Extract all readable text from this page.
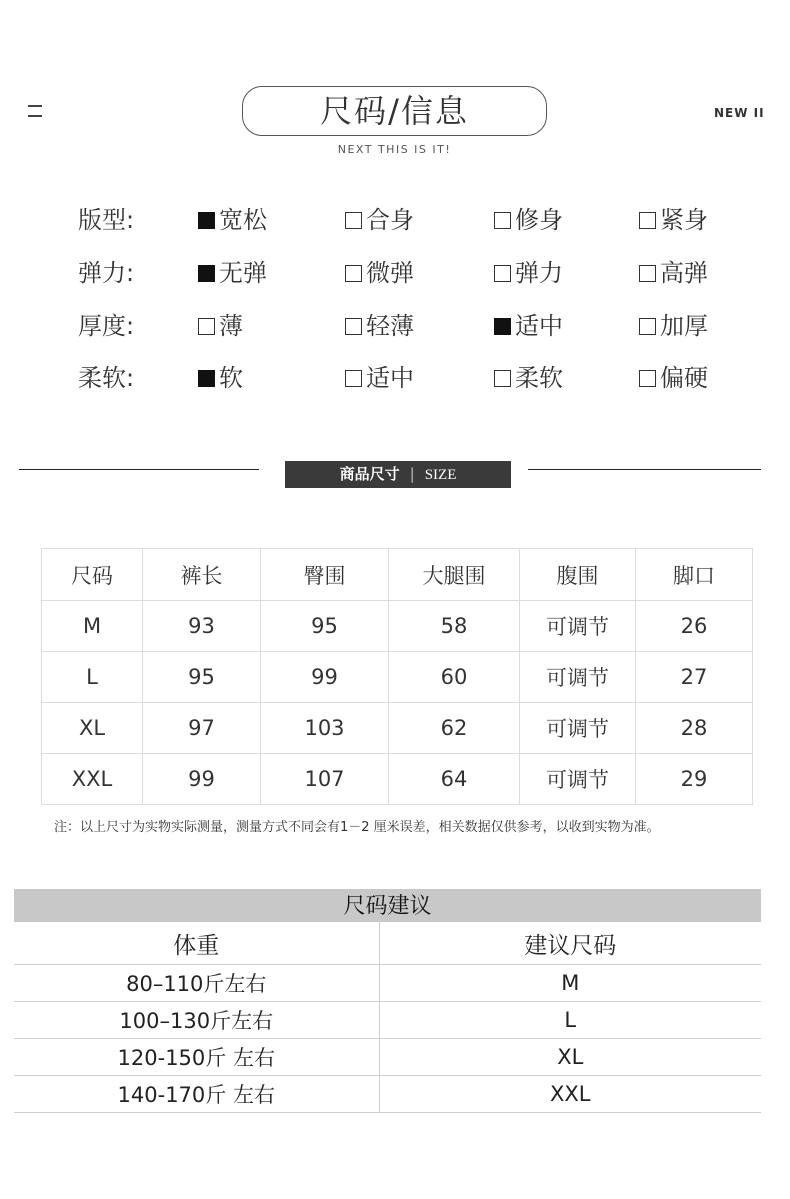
尺码/信息
NEXT THIS IS IT!
NEW II
版型:	宽松	合身	修身	紧身
弹力:	无弹	微弹	弹力	高弹
厚度:	薄	轻薄	适中	加厚
柔软:	软	适中	柔软	偏硬
商品尺寸 | SIZE
尺码	裤长	臀围	大腿围	腹围	脚口
M	93	95	58	可调节	26
L	95	99	60	可调节	27
XL	97	103	62	可调节	28
XXL	99	107	64	可调节	29
注：以上尺寸为实物实际测量，测量方式不同会有1－2 厘米误差，相关数据仅供参考，以收到实物为准。
尺码建议
体重	建议尺码
80–110斤左右	M
100–130斤左右	L
120-150斤 左右	XL
140-170斤 左右	XXL
